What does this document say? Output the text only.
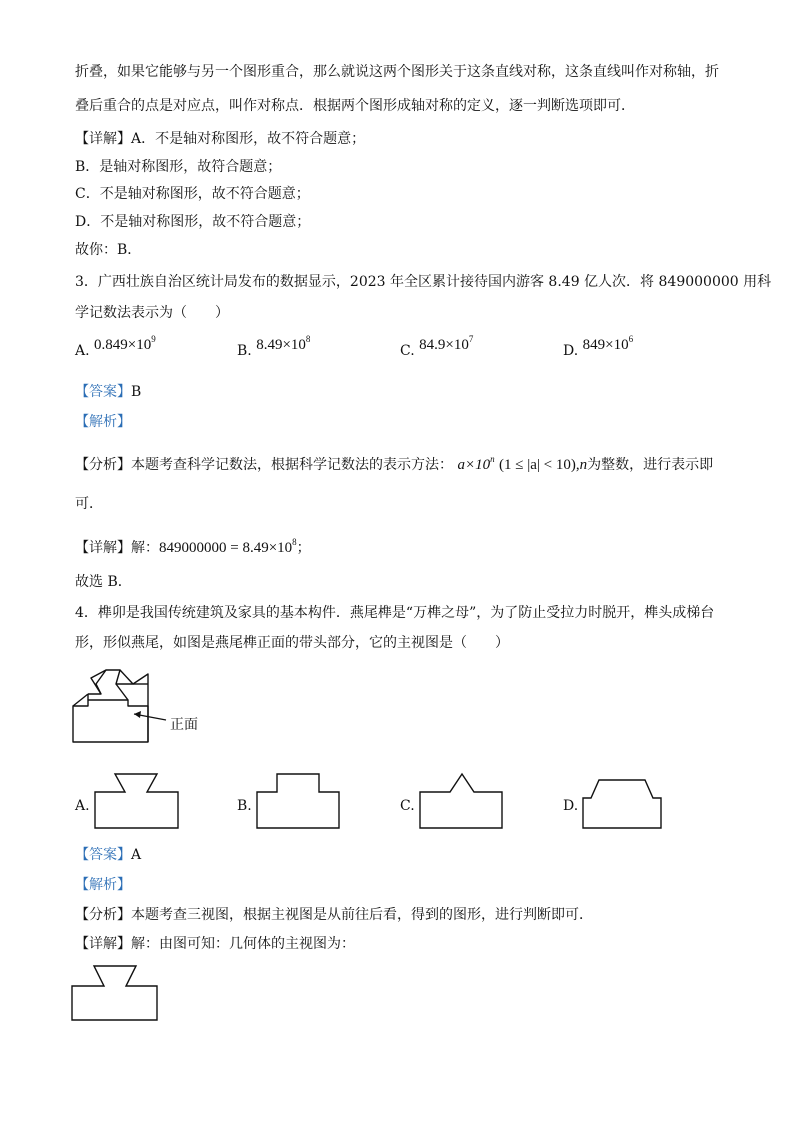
折叠，如果它能够与另一个图形重合，那么就说这两个图形关于这条直线对称，这条直线叫作对称轴，折
叠后重合的点是对应点，叫作对称点．根据两个图形成轴对称的定义，逐一判断选项即可．
【详解】A．不是轴对称图形，故不符合题意；
B．是轴对称图形，故符合题意；
C．不是轴对称图形，故不符合题意；
D．不是轴对称图形，故不符合题意；
故你：B．
3．广西壮族自治区统计局发布的数据显示，2023 年全区累计接待国内游客 8.49 亿人次．将 849000000 用科
学记数法表示为（　　）
A. $0.849\times 10^9$
B. $8.49\times 10^8$
C. $84.9\times 10^7$
D. $849\times 10^6$
【答案】B
【解析】
【分析】本题考查科学记数法，根据科学记数法的表示方法： $a\times 10^n$ (1 ≤ |a| < 10),n为整数，进行表示即
可．
【详解】解：$849000000 = 8.49\times 10^8$；
故选 B．
4．榫卯是我国传统建筑及家具的基本构件．燕尾榫是“万榫之母”，为了防止受拉力时脱开，榫头成梯台
形，形似燕尾，如图是燕尾榫正面的带头部分，它的主视图是（　　）
正面
A.	B.	C.	D.
【答案】A
【解析】
【分析】本题考查三视图，根据主视图是从前往后看，得到的图形，进行判断即可．
【详解】解：由图可知：几何体的主视图为：
